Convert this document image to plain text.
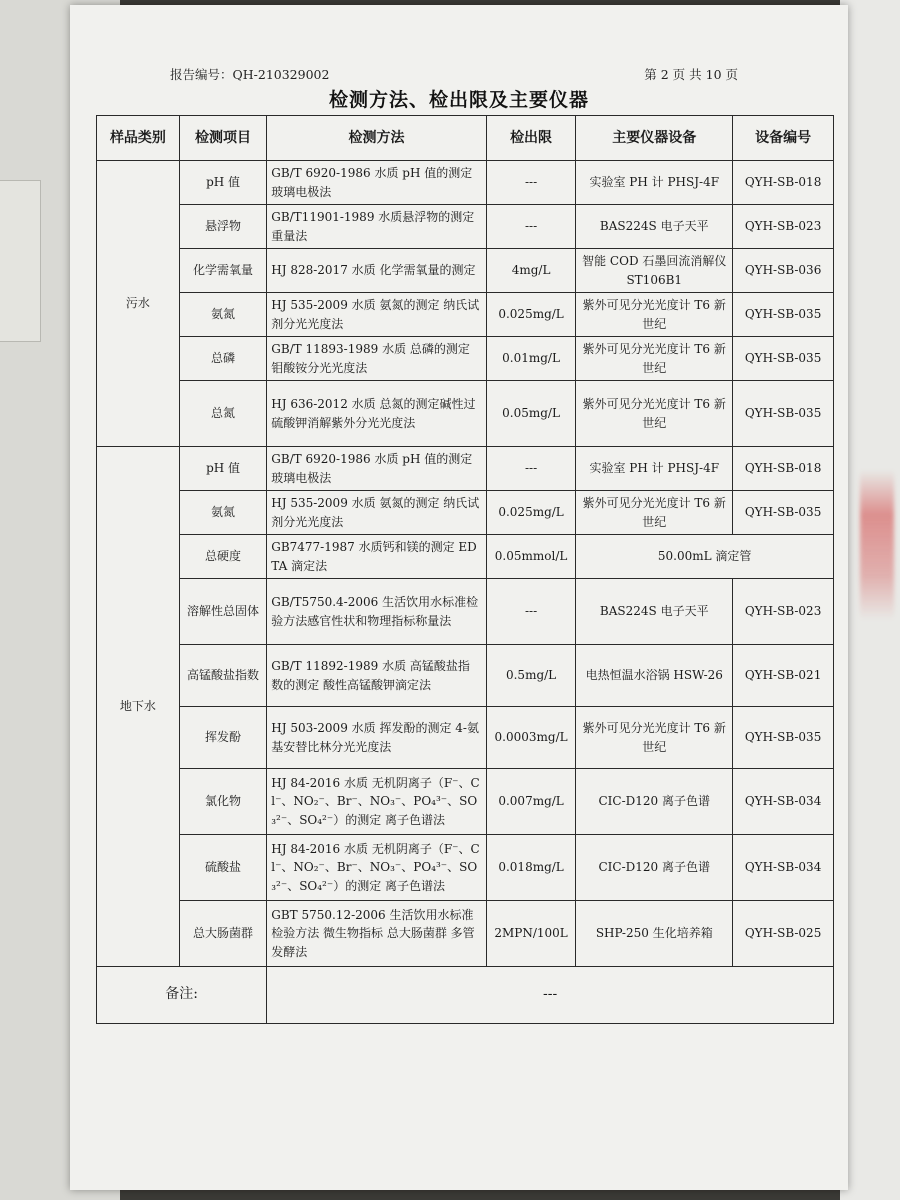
报告编号：QH-210329002	第 2 页 共 10 页
检测方法、检出限及主要仪器
样品类别	检测项目	检测方法	检出限	主要仪器设备	设备编号
污水	pH 值	GB/T 6920-1986 水质 pH 值的测定 玻璃电极法	---	实验室 PH 计 PHSJ-4F	QYH-SB-018
	悬浮物	GB/T11901-1989 水质悬浮物的测定 重量法	---	BAS224S 电子天平	QYH-SB-023
	化学需氧量	HJ 828-2017 水质 化学需氧量的测定	4mg/L	智能 COD 石墨回流消解仪 ST106B1	QYH-SB-036
	氨氮	HJ 535-2009 水质 氨氮的测定 纳氏试剂分光光度法	0.025mg/L	紫外可见分光光度计 T6 新世纪	QYH-SB-035
	总磷	GB/T 11893-1989 水质 总磷的测定 钼酸铵分光光度法	0.01mg/L	紫外可见分光光度计 T6 新世纪	QYH-SB-035
	总氮	HJ 636-2012 水质 总氮的测定碱性过硫酸钾消解紫外分光光度法	0.05mg/L	紫外可见分光光度计 T6 新世纪	QYH-SB-035
地下水	pH 值	GB/T 6920-1986 水质 pH 值的测定 玻璃电极法	---	实验室 PH 计 PHSJ-4F	QYH-SB-018
	氨氮	HJ 535-2009 水质 氨氮的测定 纳氏试剂分光光度法	0.025mg/L	紫外可见分光光度计 T6 新世纪	QYH-SB-035
	总硬度	GB7477-1987 水质钙和镁的测定 EDTA 滴定法	0.05mmol/L	50.00mL 滴定管	
	溶解性总固体	GB/T5750.4-2006 生活饮用水标准检验方法感官性状和物理指标称量法	---	BAS224S 电子天平	QYH-SB-023
	高锰酸盐指数	GB/T 11892-1989 水质 高锰酸盐指数的测定 酸性高锰酸钾滴定法	0.5mg/L	电热恒温水浴锅 HSW-26	QYH-SB-021
	挥发酚	HJ 503-2009 水质 挥发酚的测定 4-氨基安替比林分光光度法	0.0003mg/L	紫外可见分光光度计 T6 新世纪	QYH-SB-035
	氯化物	HJ 84-2016 水质 无机阴离子（F⁻、Cl⁻、NO₂⁻、Br⁻、NO₃⁻、PO₄³⁻、SO₃²⁻、SO₄²⁻）的测定 离子色谱法	0.007mg/L	CIC-D120 离子色谱	QYH-SB-034
	硫酸盐	HJ 84-2016 水质 无机阴离子（F⁻、Cl⁻、NO₂⁻、Br⁻、NO₃⁻、PO₄³⁻、SO₃²⁻、SO₄²⁻）的测定 离子色谱法	0.018mg/L	CIC-D120 离子色谱	QYH-SB-034
	总大肠菌群	GBT 5750.12-2006 生活饮用水标准检验方法 微生物指标 总大肠菌群 多管发酵法	2MPN/100L	SHP-250 生化培养箱	QYH-SB-025
备注:		---			
